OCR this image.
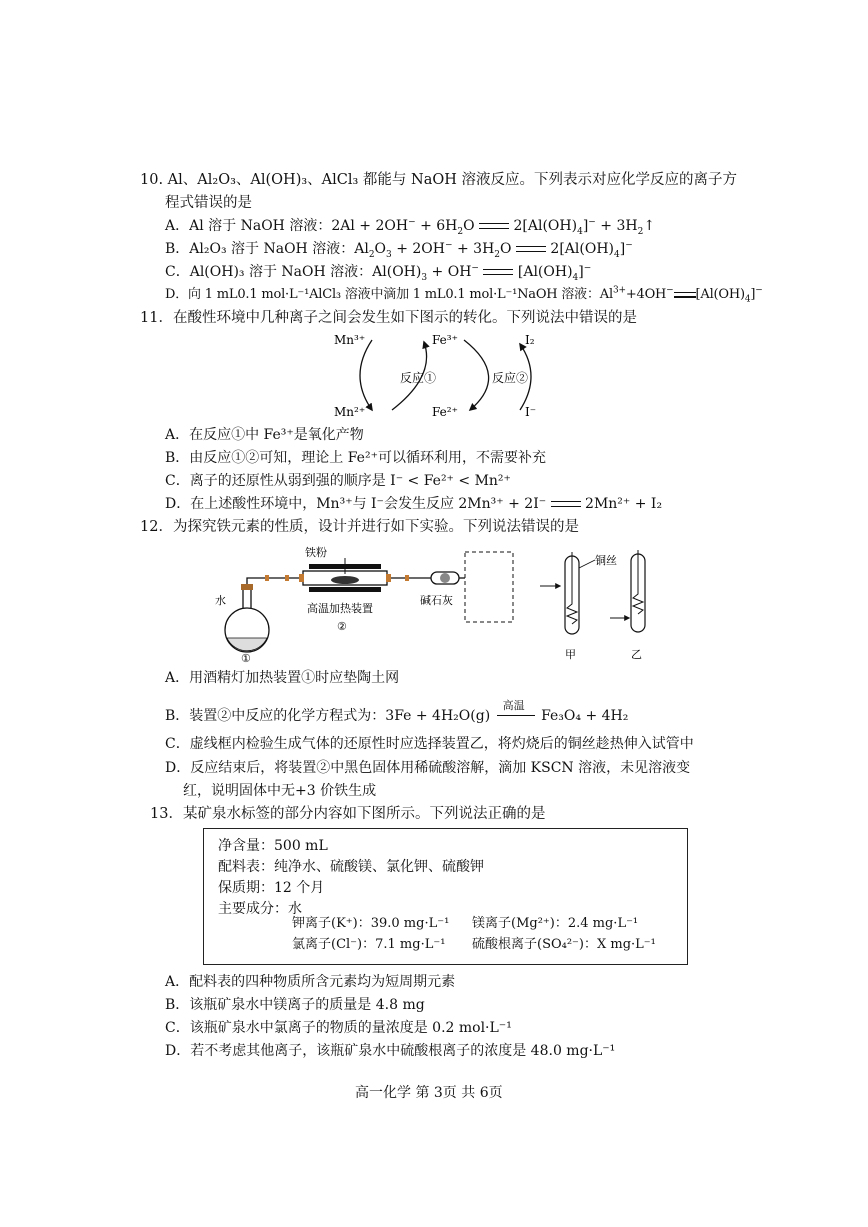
10. Al、Al₂O₃、Al(OH)₃、AlCl₃ 都能与 NaOH 溶液反应。下列表示对应化学反应的离子方
程式错误的是
A．Al 溶于 NaOH 溶液：$2Al + 2OH^- + 6H_2O$  $2[Al(OH)_4]^-$ + $3H_2↑$
B．Al₂O₃ 溶于 NaOH 溶液：$Al_2O_3 + 2OH^- + 3H_2O$  $2[Al(OH)_4]^-$
C．Al(OH)₃ 溶于 NaOH 溶液：$Al(OH)_3 + OH^-$  $[Al(OH)_4]^-$
D．向 1 mL0.1 mol·L⁻¹AlCl₃ 溶液中滴加 1 mL0.1 mol·L⁻¹NaOH 溶液：$Al^{3+}+4OH^-$ $[Al(OH)_4]^-$
11．在酸性环境中几种离子之间会发生如下图示的转化。下列说法中错误的是
Mn³⁺
Mn²⁺
Fe³⁺
Fe²⁺
I₂
I⁻
反应①	反应②
A．在反应①中 Fe³⁺是氧化产物
B．由反应①②可知，理论上 Fe²⁺可以循环利用，不需要补充
C．离子的还原性从弱到强的顺序是 I⁻ < Fe²⁺ < Mn²⁺
D．在上述酸性环境中，Mn³⁺与 I⁻会发生反应 2Mn³⁺ + 2I⁻	2Mn²⁺ + I₂
12．为探究铁元素的性质，设计并进行如下实验。下列说法错误的是
铁粉
水
高温加热装置
②
①
碱石灰
铜丝
甲	乙
A．用酒精灯加热装置①时应垫陶土网
B．装置②中反应的化学方程式为：3Fe + 4H₂O(g)
高温
Fe₃O₄ + 4H₂
C．虚线框内检验生成气体的还原性时应选择装置乙，将灼烧后的铜丝趁热伸入试管中
D．反应结束后，将装置②中黑色固体用稀硫酸溶解，滴加 KSCN 溶液，未见溶液变
红，说明固体中无+3 价铁生成
13．某矿泉水标签的部分内容如下图所示。下列说法正确的是
净含量：500 mL
配料表：纯净水、硫酸镁、氯化钾、硫酸钾
保质期：12 个月
主要成分：水
钾离子(K⁺)：39.0 mg·L⁻¹ 镁离子(Mg²⁺)：2.4 mg·L⁻¹
氯离子(Cl⁻)：7.1 mg·L⁻¹ 硫酸根离子(SO₄²⁻)：X mg·L⁻¹
A．配料表的四种物质所含元素均为短周期元素
B．该瓶矿泉水中镁离子的质量是 4.8 mg
C．该瓶矿泉水中氯离子的物质的量浓度是 0.2 mol·L⁻¹
D．若不考虑其他离子，该瓶矿泉水中硫酸根离子的浓度是 48.0 mg·L⁻¹
高一化学 第 3页 共 6页
